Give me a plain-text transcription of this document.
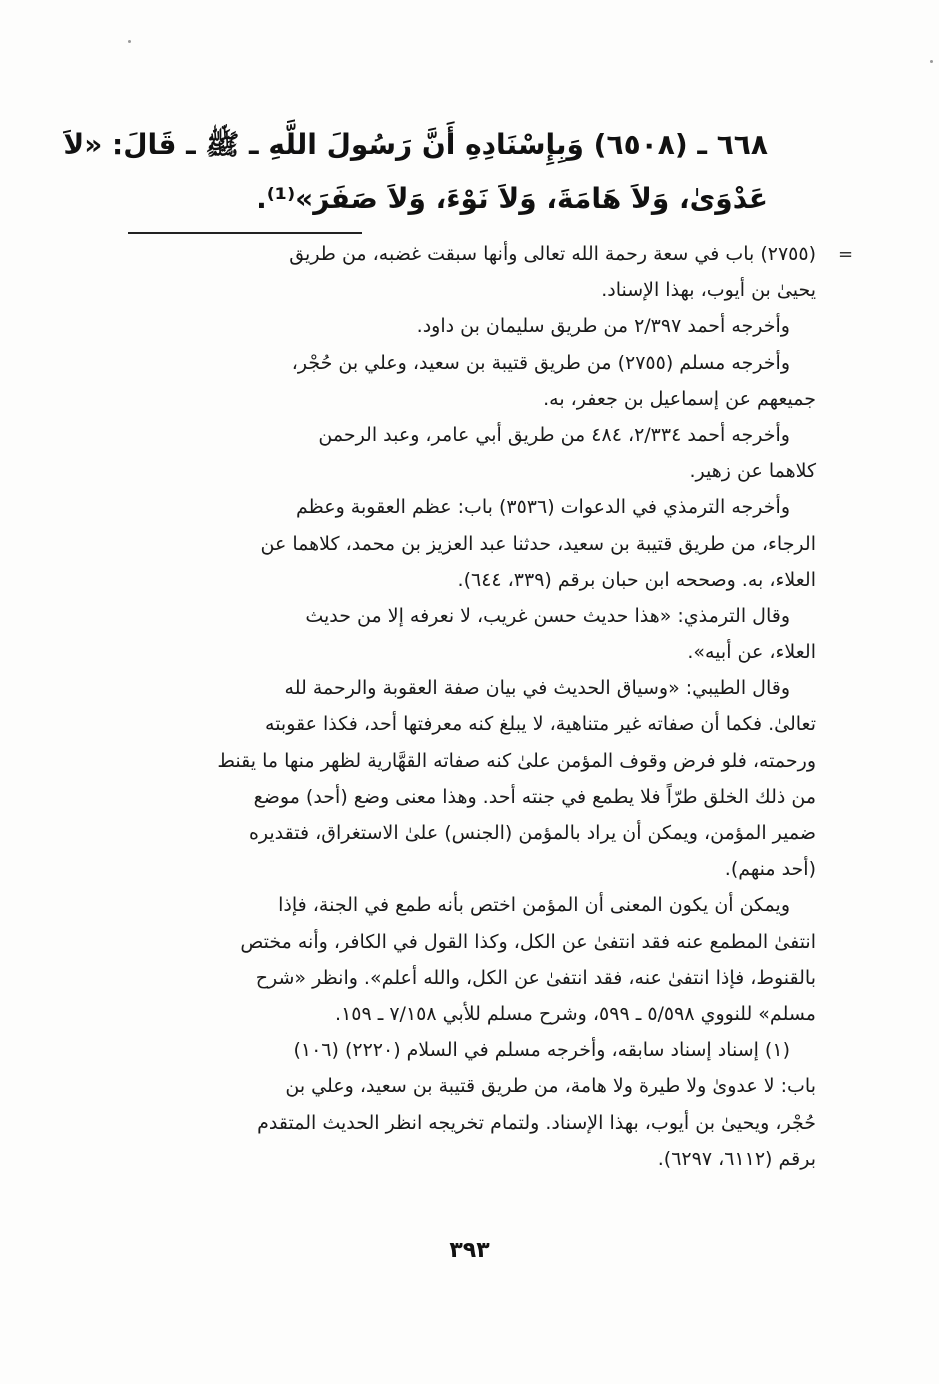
٦٦٨ ـ (٦٥٠٨) وَبِإِسْنَادِهِ أَنَّ رَسُولَ اللَّهِ ـ ﷺ ـ قَالَ: «لاَ
عَدْوَىٰ، وَلاَ هَامَةَ، وَلاَ نَوْءَ، وَلاَ صَفَرَ»⁽¹⁾.
=
(٢٧٥٥) باب في سعة رحمة الله تعالى وأنها سبقت غضبه، من طريق
يحيىٰ بن أيوب، بهذا الإسناد.
وأخرجه أحمد ٢/٣٩٧ من طريق سليمان بن داود.
وأخرجه مسلم (٢٧٥٥) من طريق قتيبة بن سعيد، وعلي بن حُجْر،
جميعهم عن إسماعيل بن جعفر، به.
وأخرجه أحمد ٢/٣٣٤، ٤٨٤ من طريق أبي عامر، وعبد الرحمن
كلاهما عن زهير.
وأخرجه الترمذي في الدعوات (٣٥٣٦) باب: عظم العقوبة وعظم
الرجاء، من طريق قتيبة بن سعيد، حدثنا عبد العزيز بن محمد، كلاهما عن
العلاء، به. وصححه ابن حبان برقم (٣٣٩، ٦٤٤).
وقال الترمذي: «هذا حديث حسن غريب، لا نعرفه إلا من حديث
العلاء، عن أبيه».
وقال الطيبي: «وسياق الحديث في بيان صفة العقوبة والرحمة لله
تعالىٰ. فكما أن صفاته غير متناهية، لا يبلغ كنه معرفتها أحد، فكذا عقوبته
ورحمته، فلو فرض وقوف المؤمن علىٰ كنه صفاته القهَّارية لظهر منها ما يقنط
من ذلك الخلق طرّاً فلا يطمع في جنته أحد. وهذا معنى وضع (أحد) موضع
ضمير المؤمن، ويمكن أن يراد بالمؤمن (الجنس) علىٰ الاستغراق، فتقديره
(أحد منهم).
ويمكن أن يكون المعنى أن المؤمن اختص بأنه طمع في الجنة، فإذا
انتفىٰ المطمع عنه فقد انتفىٰ عن الكل، وكذا القول في الكافر، وأنه مختص
بالقنوط، فإذا انتفىٰ عنه، فقد انتفىٰ عن الكل، والله أعلم». وانظر «شرح
مسلم» للنووي ٥/٥٩٨ ـ ٥٩٩، وشرح مسلم للأبي ٧/١٥٨ ـ ١٥٩.
(١) إسناد إسناد سابقه، وأخرجه مسلم في السلام (٢٢٢٠) (١٠٦)
باب: لا عدوىٰ ولا طيرة ولا هامة، من طريق قتيبة بن سعيد، وعلي بن
حُجْر، ويحيىٰ بن أيوب، بهذا الإسناد. ولتمام تخريجه انظر الحديث المتقدم
برقم (٦١١٢، ٦٢٩٧).
٣٩٣
